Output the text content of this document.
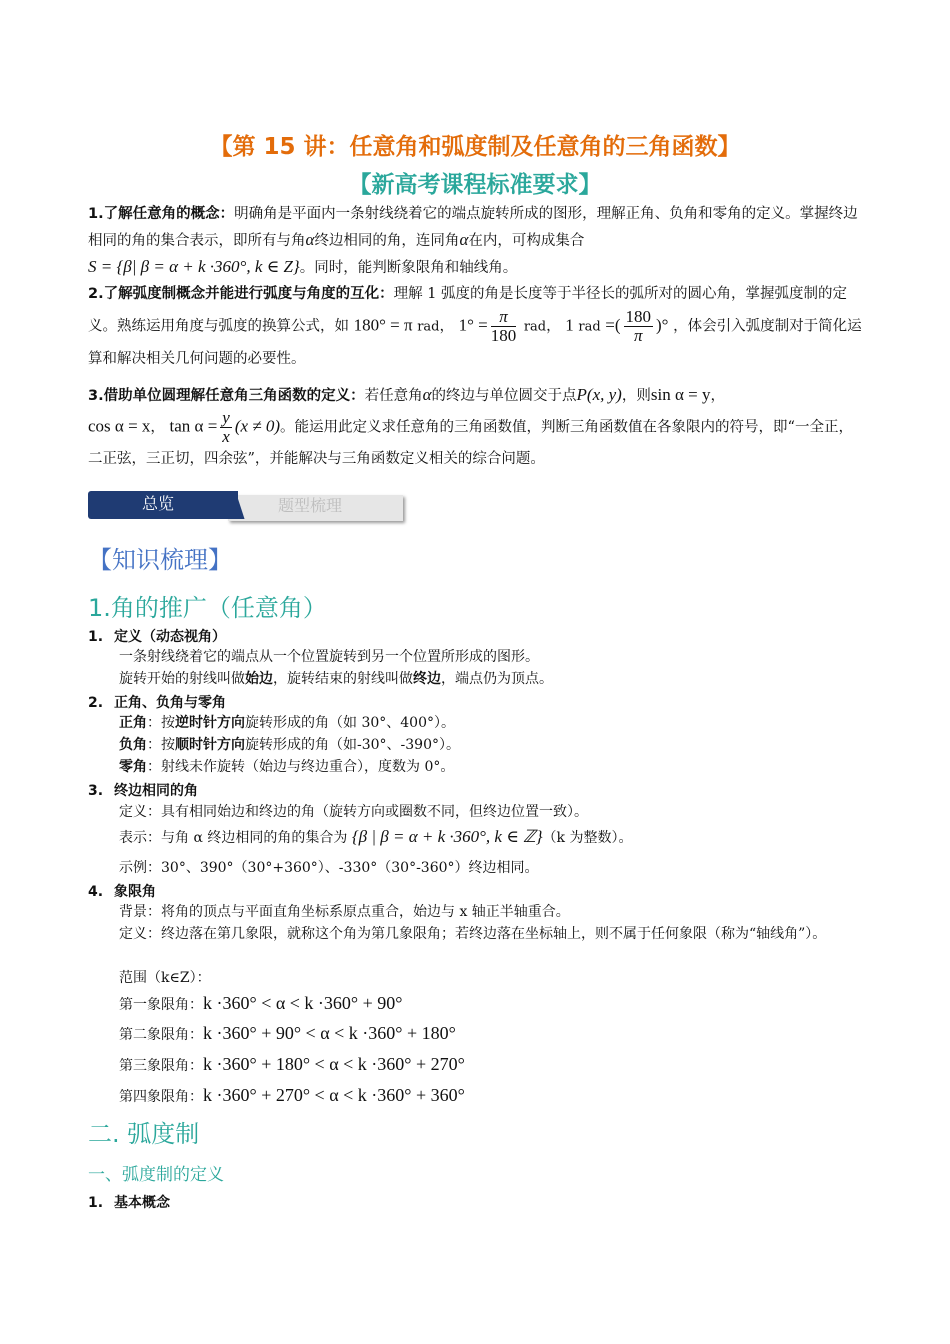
【第 15 讲：任意角和弧度制及任意角的三角函数】
【新高考课程标准要求】
1.了解任意角的概念：明确角是平面内一条射线绕着它的端点旋转所成的图形，理解正角、负角和零角的定义。掌握终边相同的角的集合表示，即所有与角α终边相同的角，连同角α在内，可构成集合
S = {β| β = α + k ·360°, k ∈ Z}。同时，能判断象限角和轴线角。
2.了解弧度制概念并能进行弧度与角度的互化：理解 1 弧度的角是长度等于半径长的弧所对的圆心角，掌握弧度制的定义。熟练运用角度与弧度的换算公式，如 180° = π rad， $1^\circ = \frac{\pi}{180}$ rad， 1 rad =( $\frac{180}{\pi}$ )° ，体会引入弧度制对于简化运算和解决相关几何问题的必要性。
3.借助单位圆理解任意角三角函数的定义：若任意角α的终边与单位圆交于点P(x, y)，则sin α = y，
cos α = x， $\tan \alpha = \frac{y}{x} (x \ne 0)$。能运用此定义求任意角的三角函数值，判断三角函数值在各象限内的符号，即“一全正，二正弦，三正切，四余弦”，并能解决与三角函数定义相关的综合问题。
题型梳理
总览
【知识梳理】
1.角的推广（任意角）
1. 定义（动态视角）
一条射线绕着它的端点从一个位置旋转到另一个位置所形成的图形。
旋转开始的射线叫做始边，旋转结束的射线叫做终边，端点仍为顶点。
2. 正角、负角与零角
正角：按逆时针方向旋转形成的角（如 30°、400°）。
负角：按顺时针方向旋转形成的角（如-30°、-390°）。
零角：射线未作旋转（始边与终边重合），度数为 0°。
3. 终边相同的角
定义：具有相同始边和终边的角（旋转方向或圈数不同，但终边位置一致）。
表示：与角 α 终边相同的角的集合为 {β | β = α + k ·360°, k ∈ ℤ}（k 为整数）。
示例：30°、390°（30°+360°）、-330°（30°-360°）终边相同。
4. 象限角
背景：将角的顶点与平面直角坐标系原点重合，始边与 x 轴正半轴重合。
定义：终边落在第几象限，就称这个角为第几象限角；若终边落在坐标轴上，则不属于任何象限（称为“轴线角”）。
范围（k∈Z）：
第一象限角：k ·360° < α < k ·360° + 90°
第二象限角：k ·360° + 90° < α < k ·360° + 180°
第三象限角：k ·360° + 180° < α < k ·360° + 270°
第四象限角：k ·360° + 270° < α < k ·360° + 360°
二. 弧度制
一、弧度制的定义
1. 基本概念
